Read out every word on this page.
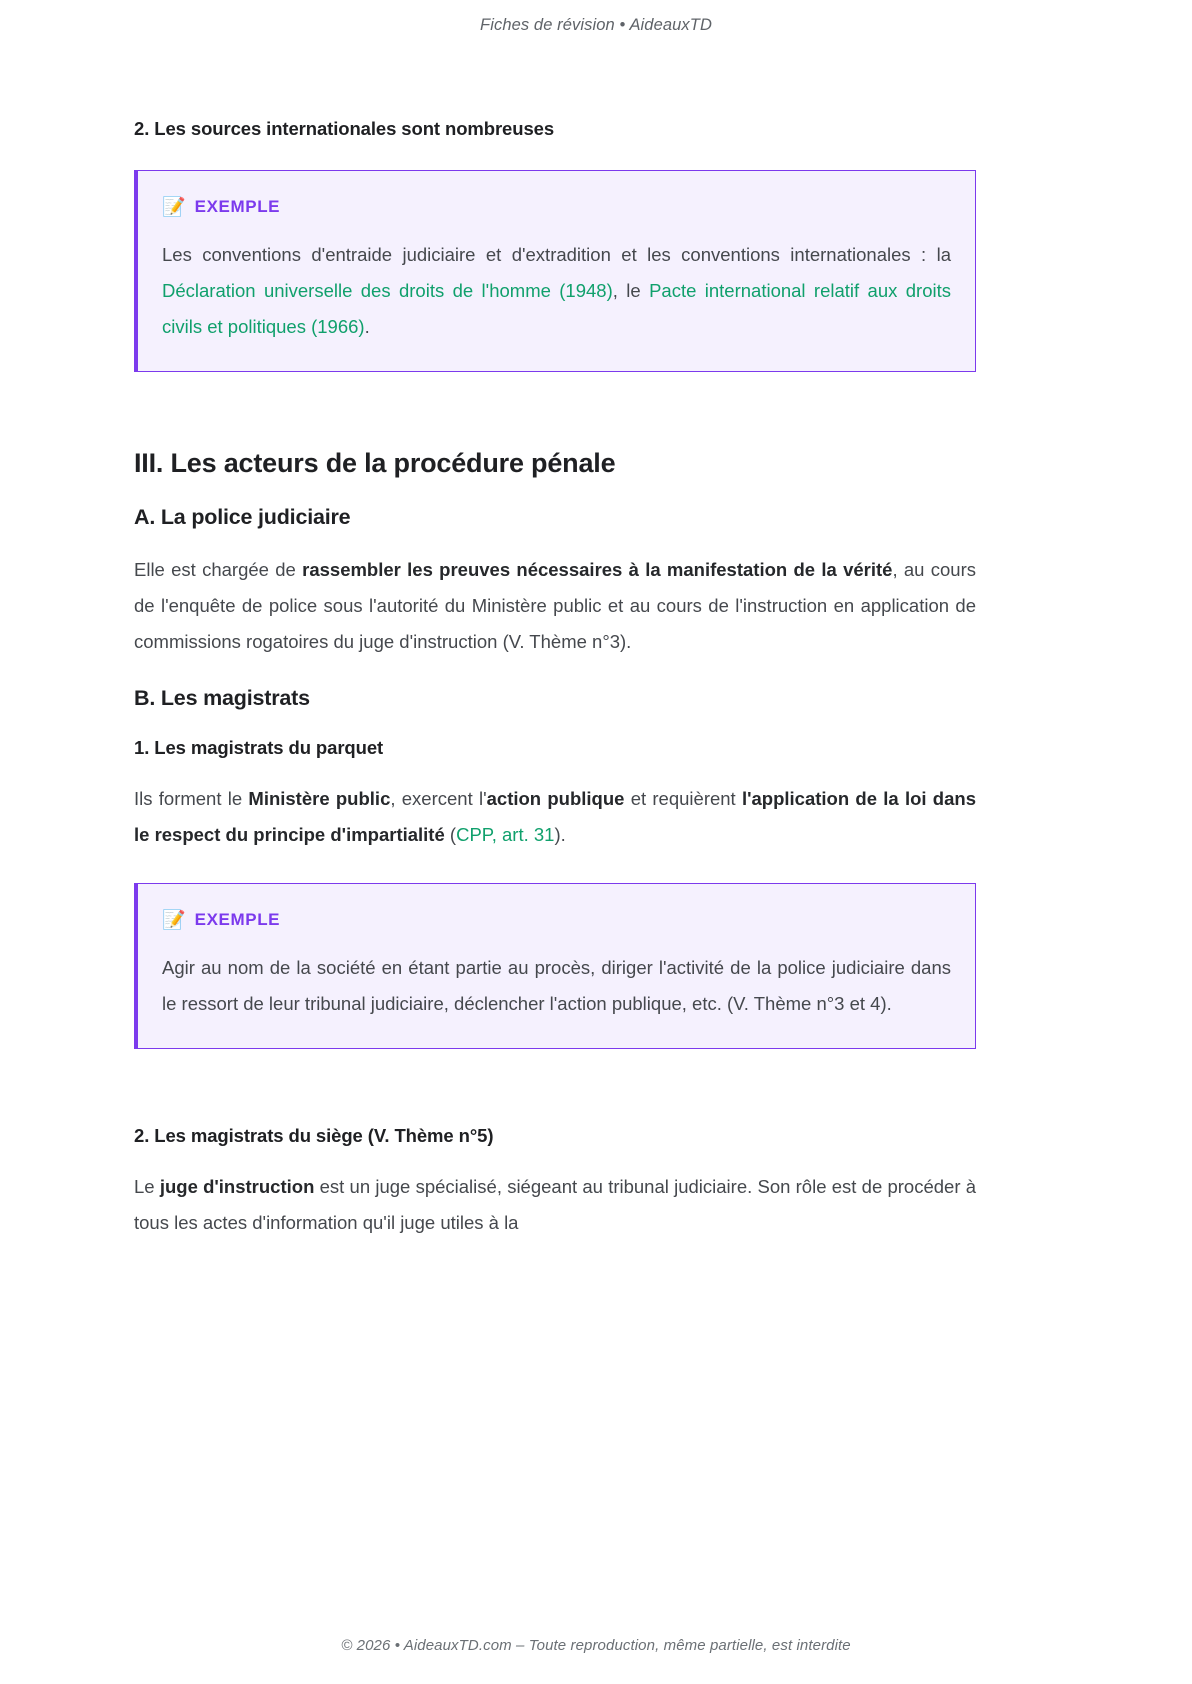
Fiches de révision • AideauxTD
2. Les sources internationales sont nombreuses
📝 EXEMPLE

Les conventions d'entraide judiciaire et d'extradition et les conventions internationales : la Déclaration universelle des droits de l'homme (1948), le Pacte international relatif aux droits civils et politiques (1966).

III. Les acteurs de la procédure pénale
A. La police judiciaire

Elle est chargée de rassembler les preuves nécessaires à la manifestation de la vérité, au cours de l'enquête de police sous l'autorité du Ministère public et au cours de l'instruction en application de commissions rogatoires du juge d'instruction (V. Thème n°3).

B. Les magistrats
1. Les magistrats du parquet

Ils forment le Ministère public, exercent l'action publique et requièrent l'application de la loi dans le respect du principe d'impartialité (CPP, art. 31).

📝 EXEMPLE

Agir au nom de la société en étant partie au procès, diriger l'activité de la police judiciaire dans le ressort de leur tribunal judiciaire, déclencher l'action publique, etc. (V. Thème n°3 et 4).

2. Les magistrats du siège (V. Thème n°5)

Le juge d'instruction est un juge spécialisé, siégeant au tribunal judiciaire. Son rôle est de procéder à tous les actes d'information qu'il juge utiles à la

© 2026 • AideauxTD.com – Toute reproduction, même partielle, est interdite
